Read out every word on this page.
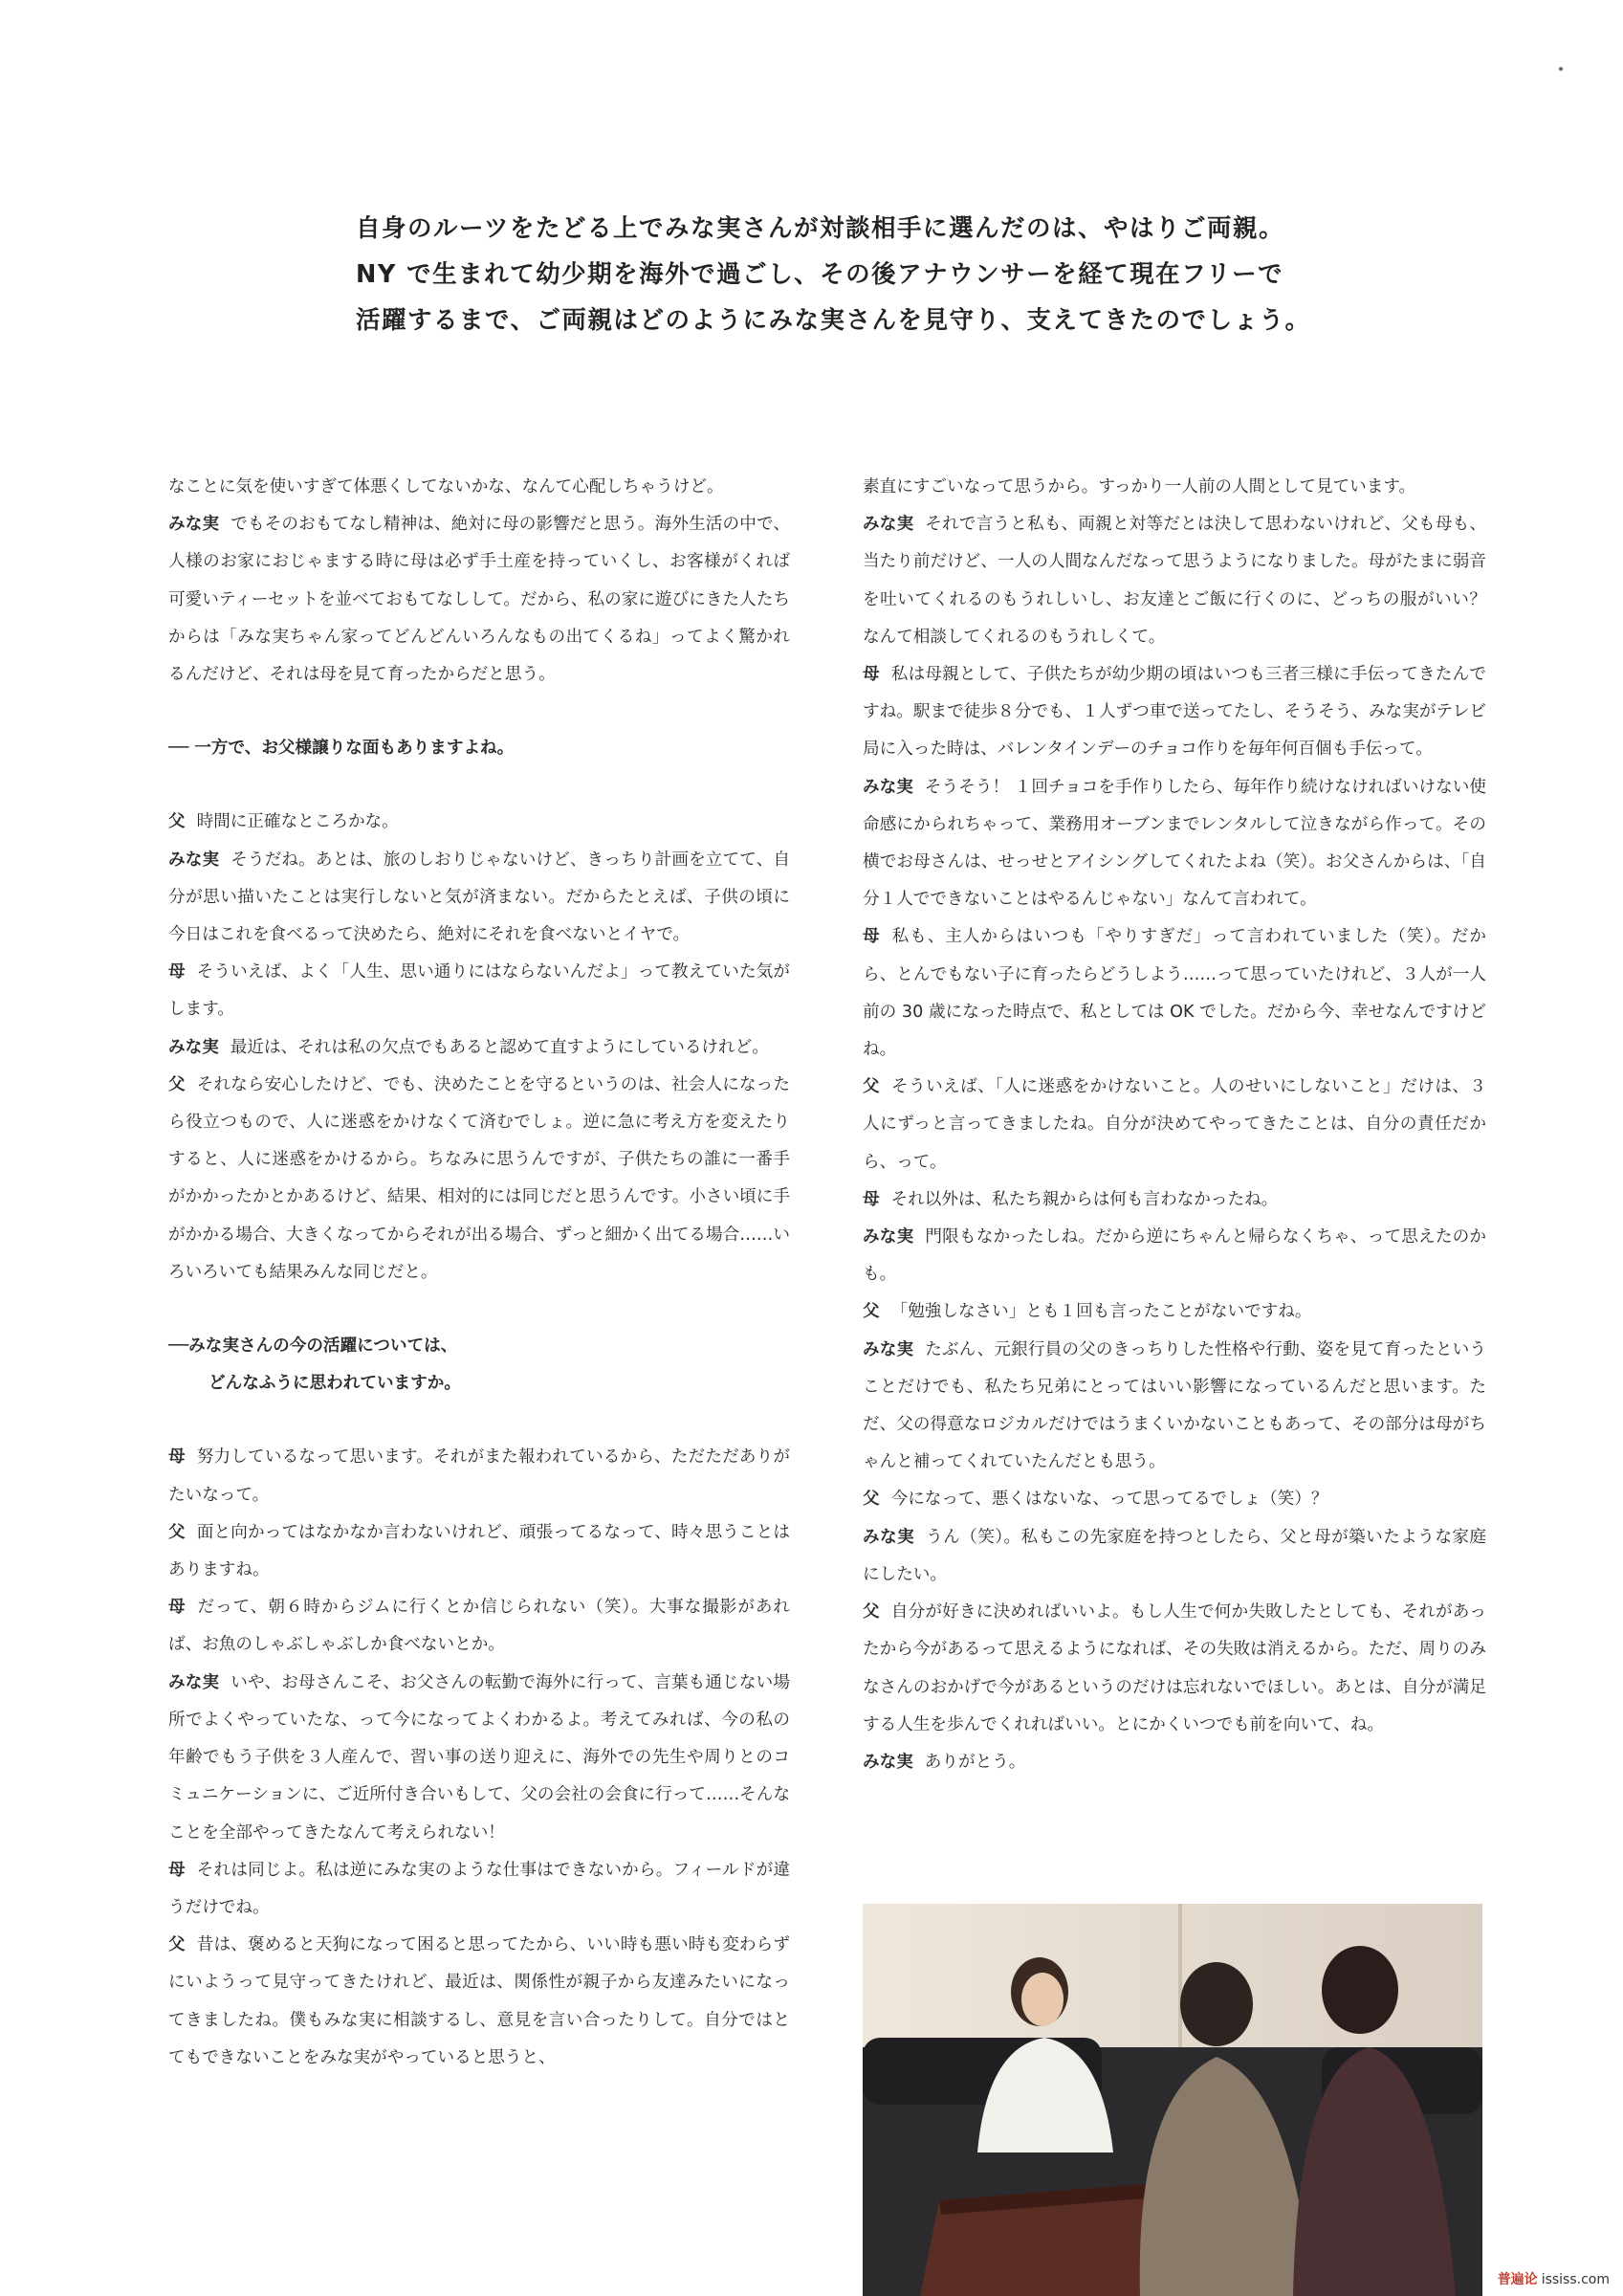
自身のルーツをたどる上でみな実さんが対談相手に選んだのは、やはりご両親。

NY で生まれて幼少期を海外で過ごし、その後アナウンサーを経て現在フリーで

活躍するまで、ご両親はどのようにみな実さんを見守り、支えてきたのでしょう。

なことに気を使いすぎて体悪くしてないかな、なんて心配しちゃうけど。

みな実 でもそのおもてなし精神は、絶対に母の影響だと思う。海外生活の中で、人様のお家におじゃまする時に母は必ず手土産を持っていくし、お客様がくれば可愛いティーセットを並べておもてなしして。だから、私の家に遊びにきた人たちからは「みな実ちゃん家ってどんどんいろんなもの出てくるね」ってよく驚かれるんだけど、それは母を見て育ったからだと思う。

── 一方で、お父様譲りな面もありますよね。

父 時間に正確なところかな。

みな実 そうだね。あとは、旅のしおりじゃないけど、きっちり計画を立てて、自分が思い描いたことは実行しないと気が済まない。だからたとえば、子供の頃に今日はこれを食べるって決めたら、絶対にそれを食べないとイヤで。

母 そういえば、よく「人生、思い通りにはならないんだよ」って教えていた気がします。

みな実 最近は、それは私の欠点でもあると認めて直すようにしているけれど。

父 それなら安心したけど、でも、決めたことを守るというのは、社会人になったら役立つもので、人に迷惑をかけなくて済むでしょ。逆に急に考え方を変えたりすると、人に迷惑をかけるから。ちなみに思うんですが、子供たちの誰に一番手がかかったかとかあるけど、結果、相対的には同じだと思うんです。小さい頃に手がかかる場合、大きくなってからそれが出る場合、ずっと細かく出てる場合……いろいろいても結果みんな同じだと。

──みな実さんの今の活躍については、
どんなふうに思われていますか。

母 努力しているなって思います。それがまた報われているから、ただただありがたいなって。

父 面と向かってはなかなか言わないけれど、頑張ってるなって、時々思うことはありますね。

母 だって、朝６時からジムに行くとか信じられない（笑）。大事な撮影があれば、お魚のしゃぶしゃぶしか食べないとか。

みな実 いや、お母さんこそ、お父さんの転勤で海外に行って、言葉も通じない場所でよくやっていたな、って今になってよくわかるよ。考えてみれば、今の私の年齢でもう子供を３人産んで、習い事の送り迎えに、海外での先生や周りとのコミュニケーションに、ご近所付き合いもして、父の会社の会食に行って……そんなことを全部やってきたなんて考えられない！

母 それは同じよ。私は逆にみな実のような仕事はできないから。フィールドが違うだけでね。

父 昔は、褒めると天狗になって困ると思ってたから、いい時も悪い時も変わらずにいようって見守ってきたけれど、最近は、関係性が親子から友達みたいになってきましたね。僕もみな実に相談するし、意見を言い合ったりして。自分ではとてもできないことをみな実がやっていると思うと、

素直にすごいなって思うから。すっかり一人前の人間として見ています。

みな実 それで言うと私も、両親と対等だとは決して思わないけれど、父も母も、当たり前だけど、一人の人間なんだなって思うようになりました。母がたまに弱音を吐いてくれるのもうれしいし、お友達とご飯に行くのに、どっちの服がいい？ なんて相談してくれるのもうれしくて。

母 私は母親として、子供たちが幼少期の頃はいつも三者三様に手伝ってきたんですね。駅まで徒歩８分でも、１人ずつ車で送ってたし、そうそう、みな実がテレビ局に入った時は、バレンタインデーのチョコ作りを毎年何百個も手伝って。

みな実 そうそう！ １回チョコを手作りしたら、毎年作り続けなければいけない使命感にかられちゃって、業務用オーブンまでレンタルして泣きながら作って。その横でお母さんは、せっせとアイシングしてくれたよね（笑）。お父さんからは、「自分１人でできないことはやるんじゃない」なんて言われて。

母 私も、主人からはいつも「やりすぎだ」って言われていました（笑）。だから、とんでもない子に育ったらどうしよう……って思っていたけれど、３人が一人前の 30 歳になった時点で、私としては OK でした。だから今、幸せなんですけどね。

父 そういえば、「人に迷惑をかけないこと。人のせいにしないこと」だけは、３人にずっと言ってきましたね。自分が決めてやってきたことは、自分の責任だから、って。

母 それ以外は、私たち親からは何も言わなかったね。

みな実 門限もなかったしね。だから逆にちゃんと帰らなくちゃ、って思えたのかも。

父 「勉強しなさい」とも１回も言ったことがないですね。

みな実 たぶん、元銀行員の父のきっちりした性格や行動、姿を見て育ったということだけでも、私たち兄弟にとってはいい影響になっているんだと思います。ただ、父の得意なロジカルだけではうまくいかないこともあって、その部分は母がちゃんと補ってくれていたんだとも思う。

父 今になって、悪くはないな、って思ってるでしょ（笑）？

みな実 うん（笑）。私もこの先家庭を持つとしたら、父と母が築いたような家庭にしたい。

父 自分が好きに決めればいいよ。もし人生で何か失敗したとしても、それがあったから今があるって思えるようになれば、その失敗は消えるから。ただ、周りのみなさんのおかげで今があるというのだけは忘れないでほしい。あとは、自分が満足する人生を歩んでくれればいい。とにかくいつでも前を向いて、ね。

みな実 ありがとう。

普遍论 ississ.com
